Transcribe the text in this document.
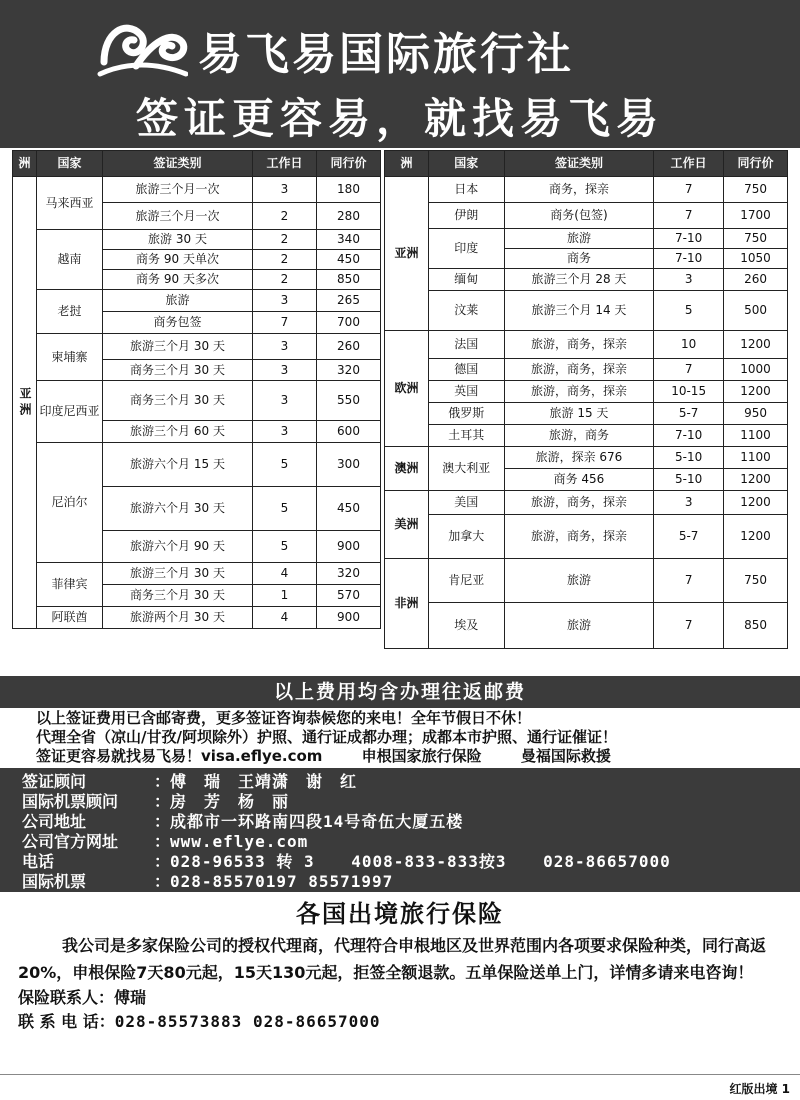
易飞易国际旅行社
签证更容易，就找易飞易
洲	国家	签证类别	工作日	同行价
亚洲	马来西亚	旅游三个月一次	3	180
		旅游三个月一次	2	280
	越南	旅游 30 天	2	340
		商务 90 天单次	2	450
		商务 90 天多次	2	850
	老挝	旅游	3	265
		商务包签	7	700
	柬埔寨	旅游三个月 30 天	3	260
		商务三个月 30 天	3	320
	印度尼西亚	商务三个月 30 天	3	550
		旅游三个月 60 天	3	600
	尼泊尔	旅游六个月 15 天	5	300
		旅游六个月 30 天	5	450
		旅游六个月 90 天	5	900
	菲律宾	旅游三个月 30 天	4	320
		商务三个月 30 天	1	570
	阿联酋	旅游两个月 30 天	4	900
洲	国家	签证类别	工作日	同行价
亚洲	日本	商务，探亲	7	750
	伊朗	商务(包签)	7	1700
	印度	旅游	7-10	750
		商务	7-10	1050
	缅甸	旅游三个月 28 天	3	260
	汶莱	旅游三个月 14 天	5	500
欧洲	法国	旅游，商务，探亲	10	1200
	德国	旅游，商务，探亲	7	1000
	英国	旅游，商务，探亲	10-15	1200
	俄罗斯	旅游 15 天	5-7	950
	土耳其	旅游，商务	7-10	1100
澳洲	澳大利亚	旅游，探亲 676	5-10	1100
		商务 456	5-10	1200
美洲	美国	旅游，商务，探亲	3	1200
	加拿大	旅游，商务，探亲	5-7	1200
非洲	肯尼亚	旅游	7	750
	埃及	旅游	7	850
以上费用均含办理往返邮费
以上签证费用已含邮寄费，更多签证咨询恭候您的来电！全年节假日不休！
代理全省（凉山/甘孜/阿坝除外）护照、通行证成都办理；成都本市护照、通行证催证！
签证更容易就找易飞易！visa.eflye.com	申根国家旅行保险	曼福国际救援
签证顾问	： 傅　瑞　王靖潇　谢　红
国际机票顾问 ： 房　芳　杨　丽
公司地址	： 成都市一环路南四段14号奇伍大厦五楼
公司官方网址 ： www.eflye.com
电话	： 028-96533 转 3 4008-833-833按3 028-86657000
国际机票	： 028-85570197 85571997
各国出境旅行保险
我公司是多家保险公司的授权代理商，代理符合申根地区及世界范围内各项要求保险种类，同行高返20%，申根保险7天80元起，15天130元起，拒签全额退款。五单保险送单上门，详情多请来电咨询！
保险联系人：傅瑞
联 系 电 话：028-85573883 028-86657000
红版出境 1
